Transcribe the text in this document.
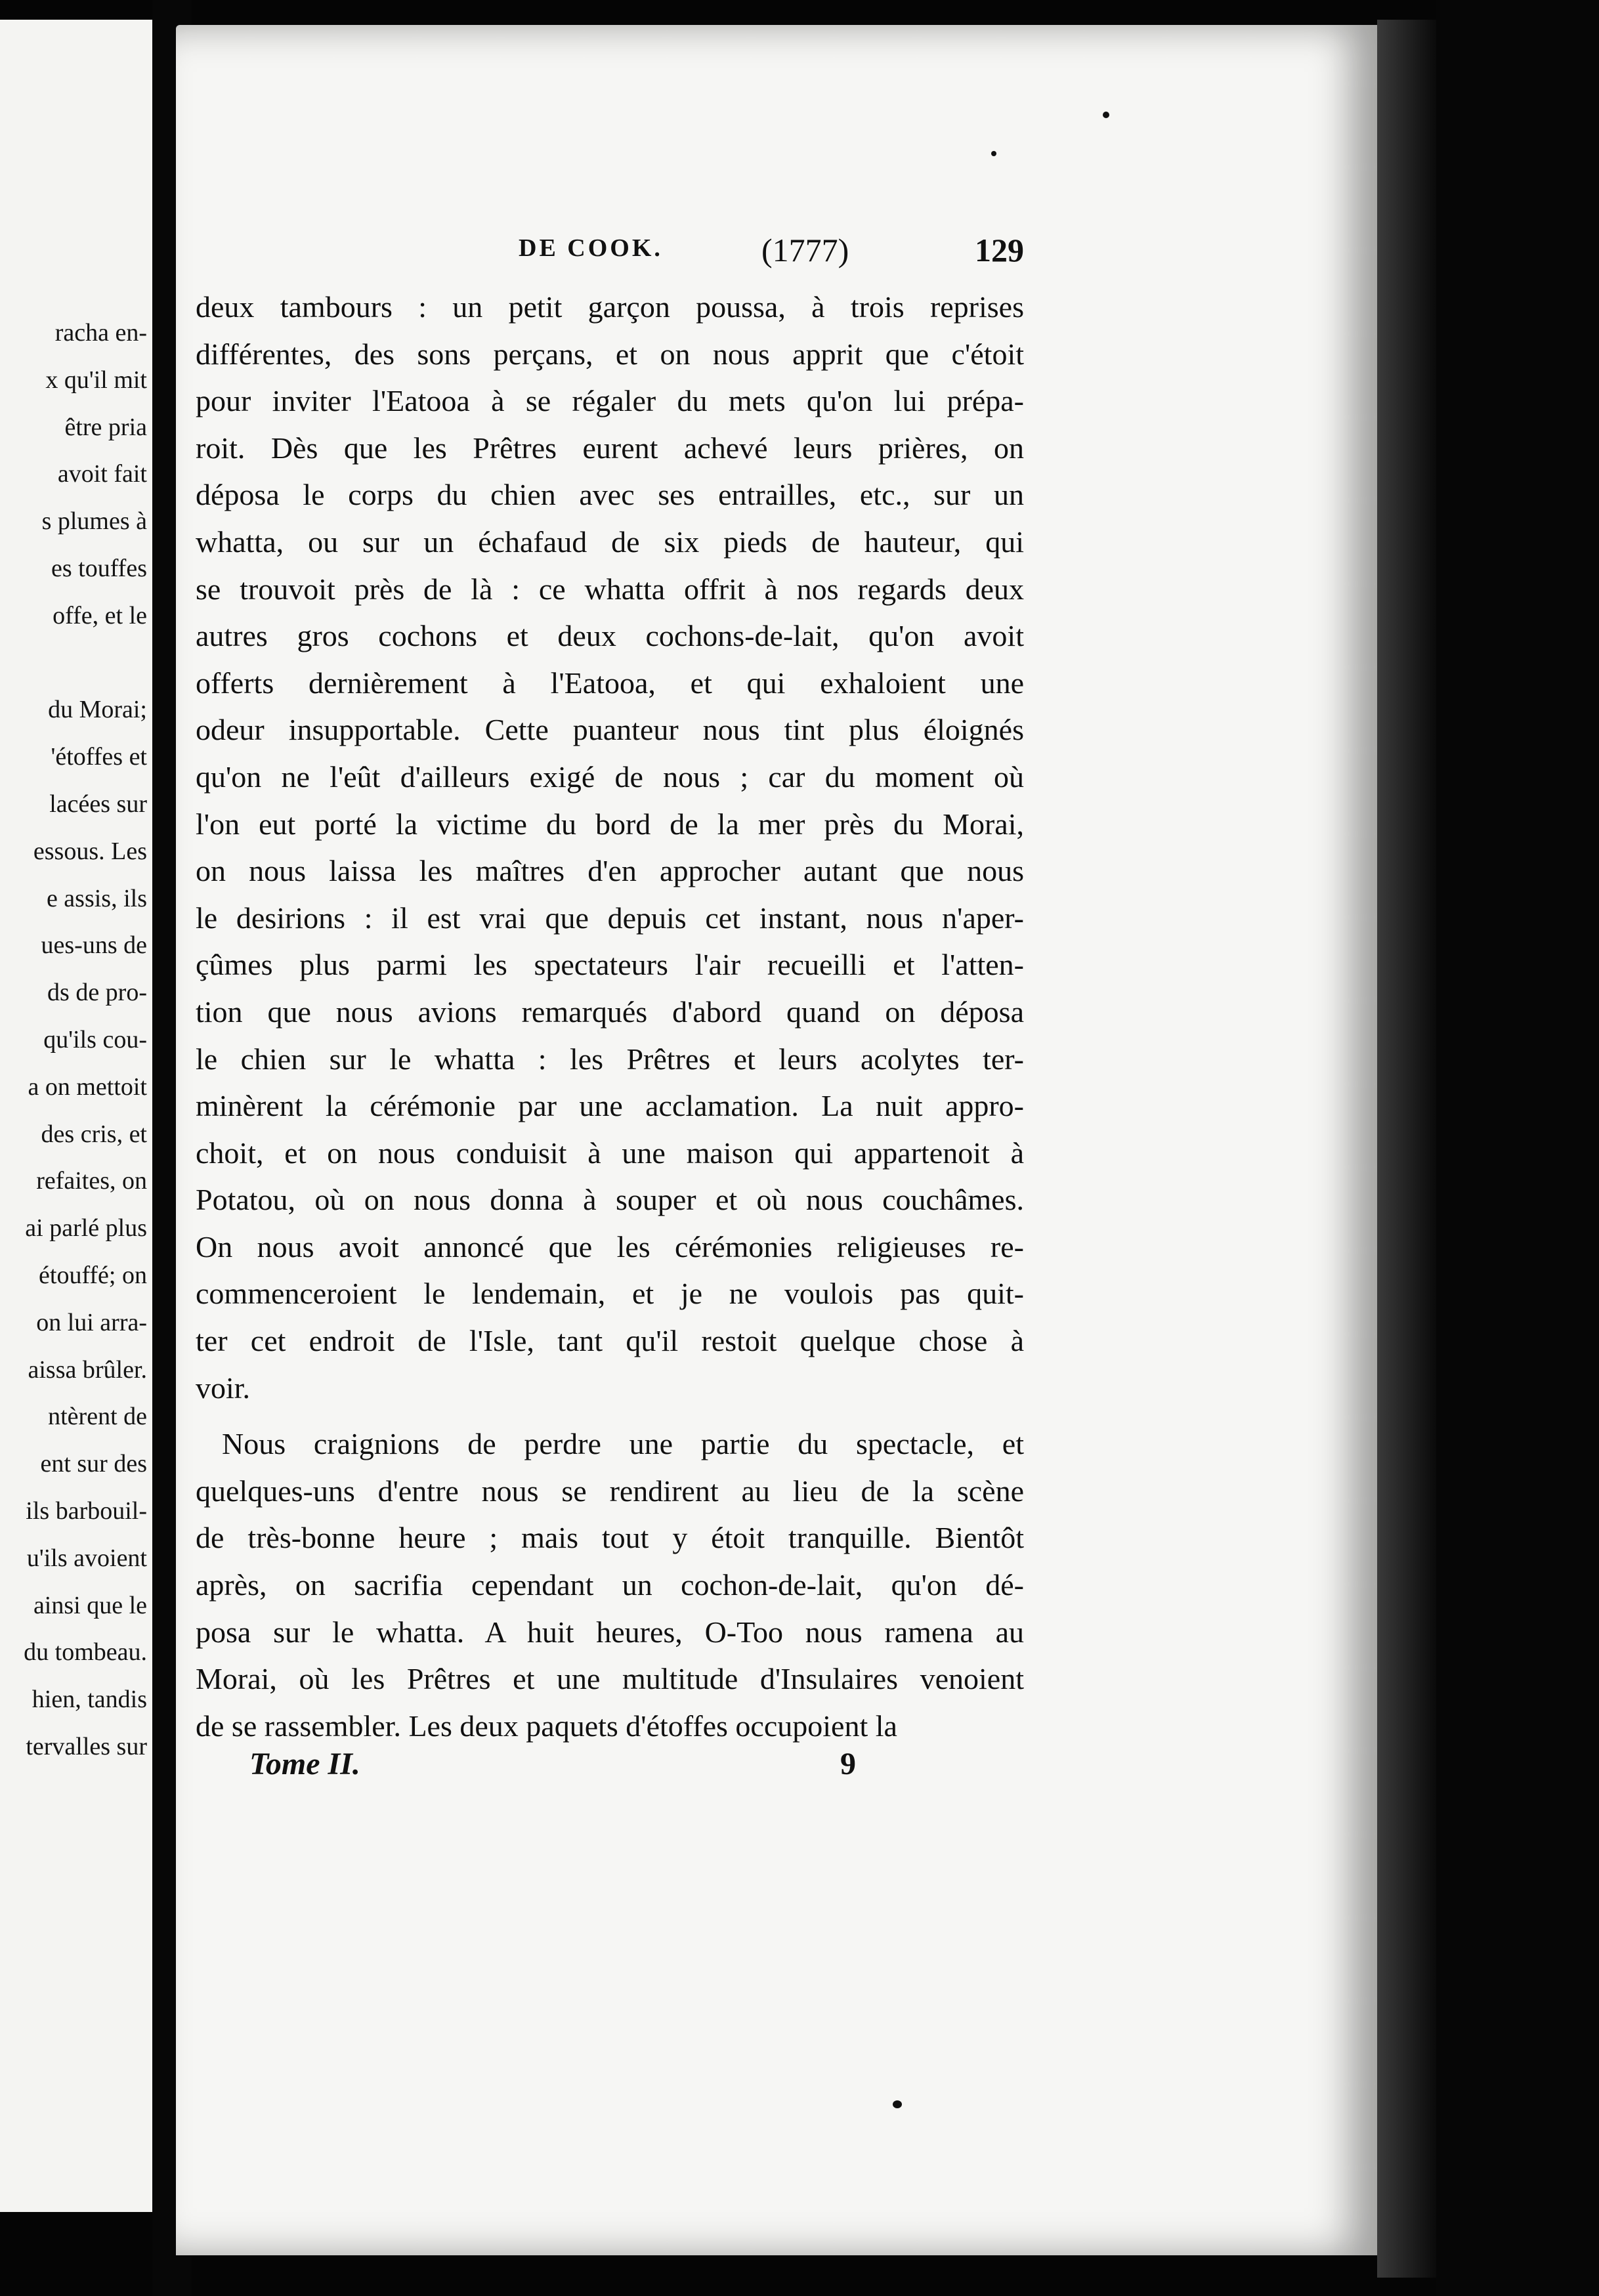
racha en-
x qu'il mit
être pria
avoit fait
s plumes à
es touffes
offe, et le
du Morai;
'étoffes et
lacées sur
essous. Les
e assis, ils
ues-uns de
ds de pro-
qu'ils cou-
a on mettoit
des cris, et
refaites, on
ai parlé plus
étouffé; on
on lui arra-
aissa brûler.
ntèrent de
ent sur des
ils barbouil-
u'ils avoient
ainsi que le
du tombeau.
hien, tandis
tervalles sur
DE COOK.	(1777)	129
deux tambours : un petit garçon poussa, à trois reprises
différentes, des sons perçans, et on nous apprit que c'étoit
pour inviter l'Eatooa à se régaler du mets qu'on lui prépa-
roit. Dès que les Prêtres eurent achevé leurs prières, on
déposa le corps du chien avec ses entrailles, etc., sur un
whatta, ou sur un échafaud de six pieds de hauteur, qui
se trouvoit près de là : ce whatta offrit à nos regards deux
autres gros cochons et deux cochons-de-lait, qu'on avoit
offerts dernièrement à l'Eatooa, et qui exhaloient une
odeur insupportable. Cette puanteur nous tint plus éloignés
qu'on ne l'eût d'ailleurs exigé de nous ; car du moment où
l'on eut porté la victime du bord de la mer près du Morai,
on nous laissa les maîtres d'en approcher autant que nous
le desirions : il est vrai que depuis cet instant, nous n'aper-
çûmes plus parmi les spectateurs l'air recueilli et l'atten-
tion que nous avions remarqués d'abord quand on déposa
le chien sur le whatta : les Prêtres et leurs acolytes ter-
minèrent la cérémonie par une acclamation. La nuit appro-
choit, et on nous conduisit à une maison qui appartenoit à
Potatou, où on nous donna à souper et où nous couchâmes.
On nous avoit annoncé que les cérémonies religieuses re-
commenceroient le lendemain, et je ne voulois pas quit-
ter cet endroit de l'Isle, tant qu'il restoit quelque chose à
voir.
Nous craignions de perdre une partie du spectacle, et
quelques-uns d'entre nous se rendirent au lieu de la scène
de très-bonne heure ; mais tout y étoit tranquille. Bientôt
après, on sacrifia cependant un cochon-de-lait, qu'on dé-
posa sur le whatta. A huit heures, O-Too nous ramena au
Morai, où les Prêtres et une multitude d'Insulaires venoient
de se rassembler. Les deux paquets d'étoffes occupoient la
Tome II.	9
